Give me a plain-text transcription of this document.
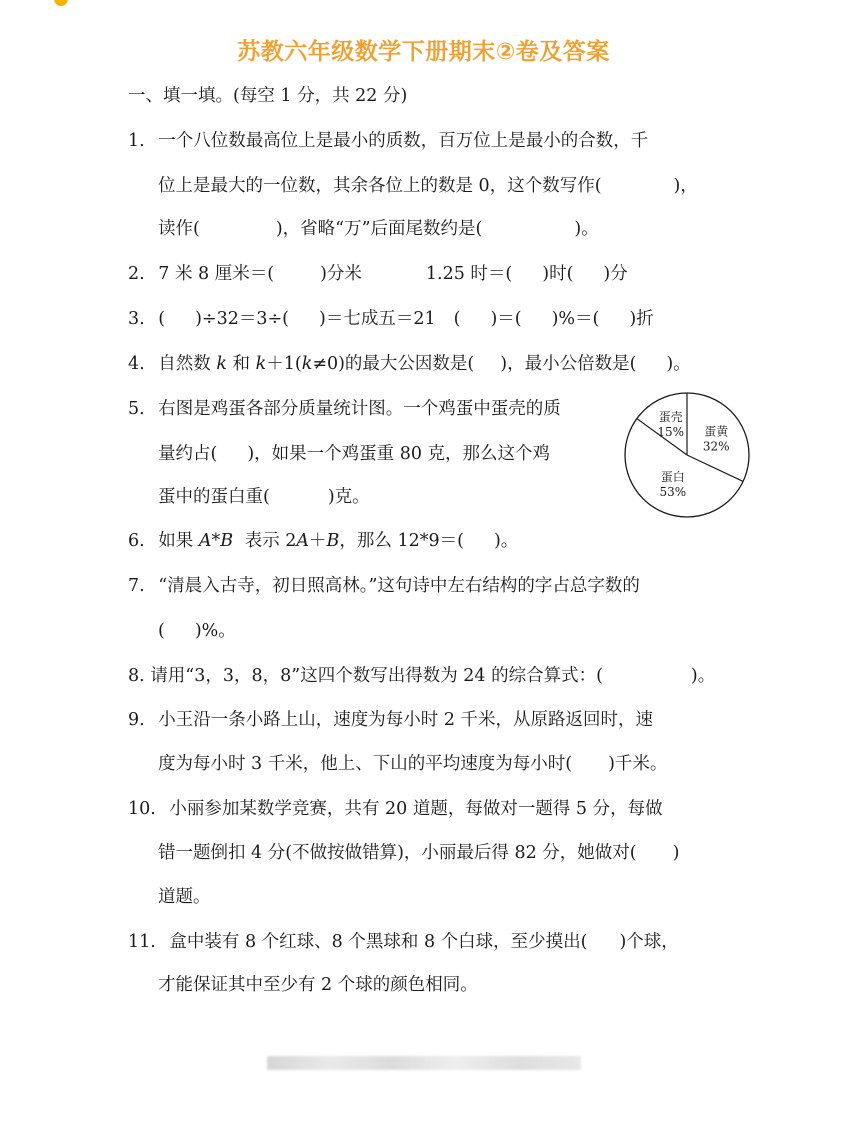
苏教六年级数学下册期末②卷及答案
一、填一填。(每空 1 分，共 22 分)
1. 一个八位数最高位上是最小的质数，百万位上是最小的合数，千
位上是最大的一位数，其余各位上的数是 0，这个数写作(	)，
读作(	)，省略“万”后面尾数约是(	)。
2. 7 米 8 厘米＝(	)分米	1.25 时＝( )时( )分
3. ( )÷32＝3÷( )＝七成五＝21 ( )＝( )%＝( )折
4. 自然数 k 和 k＋1(k≠0)的最大公因数是( )，最小公倍数是( )。
5. 右图是鸡蛋各部分质量统计图。一个鸡蛋中蛋壳的质
量约占( )，如果一个鸡蛋重 80 克，那么这个鸡
蛋中的蛋白重(	)克。
蛋壳
15% 蛋黄
32%
蛋白
53%
6. 如果 A*B 表示 2A＋B，那么 12*9＝( )。
7. “清晨入古寺，初日照高林。”这句诗中左右结构的字占总字数的
( )%。
8. 请用“3，3，8，8”这四个数写出得数为 24 的综合算式：(	)。
9. 小王沿一条小路上山，速度为每小时 2 千米，从原路返回时，速
度为每小时 3 千米，他上、下山的平均速度为每小时( )千米。
10. 小丽参加某数学竞赛，共有 20 道题，每做对一题得 5 分，每做
错一题倒扣 4 分(不做按做错算)，小丽最后得 82 分，她做对( )
道题。
11. 盒中装有 8 个红球、8 个黑球和 8 个白球，至少摸出( )个球，
才能保证其中至少有 2 个球的颜色相同。
